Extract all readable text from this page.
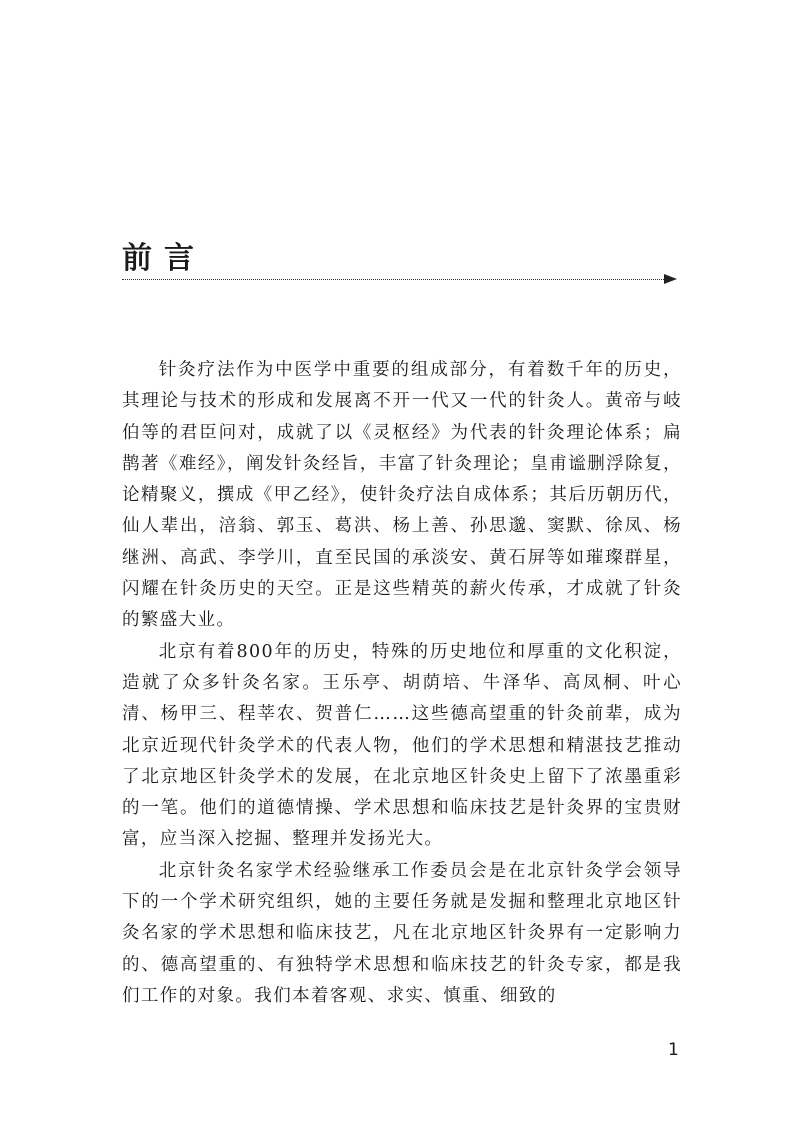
前言

针灸疗法作为中医学中重要的组成部分，有着数千年的历史，其理论与技术的形成和发展离不开一代又一代的针灸人。黄帝与岐伯等的君臣问对，成就了以《灵枢经》为代表的针灸理论体系；扁鹊著《难经》，阐发针灸经旨，丰富了针灸理论；皇甫谧删浮除复，论精聚义，撰成《甲乙经》，使针灸疗法自成体系；其后历朝历代，仙人辈出，涪翁、郭玉、葛洪、杨上善、孙思邈、窦默、徐凤、杨继洲、高武、李学川，直至民国的承淡安、黄石屏等如璀璨群星，闪耀在针灸历史的天空。正是这些精英的薪火传承，才成就了针灸的繁盛大业。

北京有着800年的历史，特殊的历史地位和厚重的文化积淀，造就了众多针灸名家。王乐亭、胡荫培、牛泽华、高凤桐、叶心清、杨甲三、程莘农、贺普仁……这些德高望重的针灸前辈，成为北京近现代针灸学术的代表人物，他们的学术思想和精湛技艺推动了北京地区针灸学术的发展，在北京地区针灸史上留下了浓墨重彩的一笔。他们的道德情操、学术思想和临床技艺是针灸界的宝贵财富，应当深入挖掘、整理并发扬光大。

北京针灸名家学术经验继承工作委员会是在北京针灸学会领导下的一个学术研究组织，她的主要任务就是发掘和整理北京地区针灸名家的学术思想和临床技艺，凡在北京地区针灸界有一定影响力的、德高望重的、有独特学术思想和临床技艺的针灸专家，都是我们工作的对象。我们本着客观、求实、慎重、细致的

1
